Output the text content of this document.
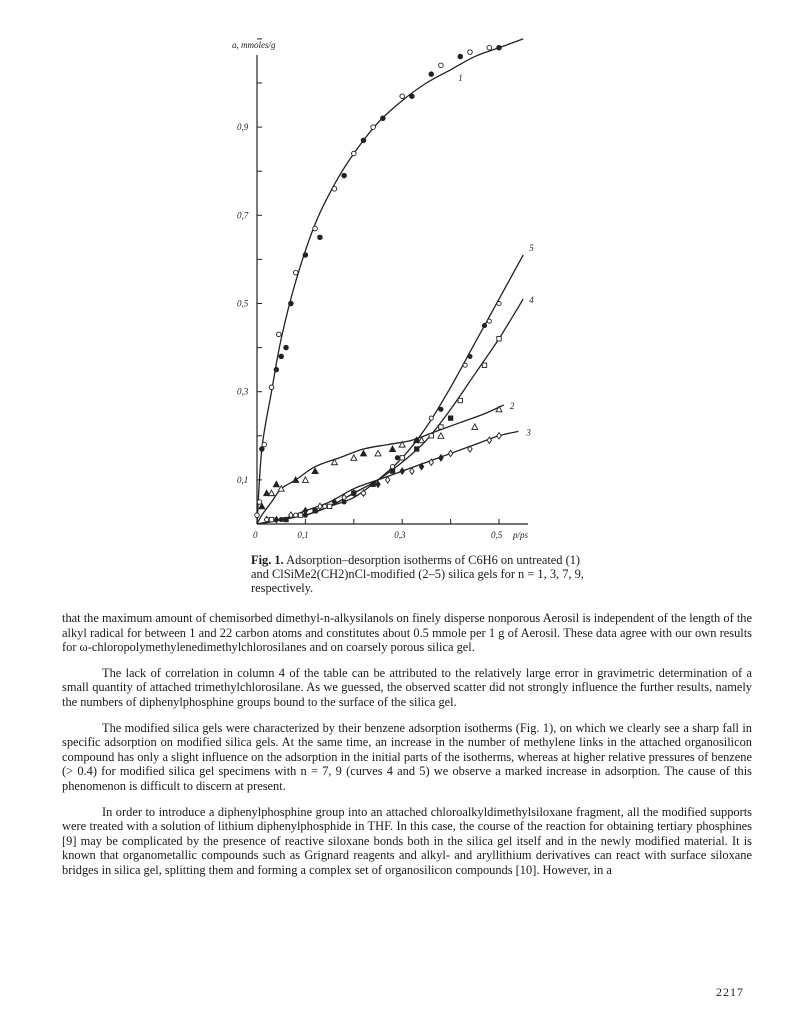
0,1
0,3
0,5
0,7
0,9
0	0,1	0,3	0,5
a, mmoles/g
p/ps
1
2
3
4
5
Fig. 1. Adsorption–desorption isotherms of C6H6 on untreated (1) and ClSiMe2(CH2)nCl-modified (2–5) silica gels for n = 1, 3, 7, 9, respectively.

that the maximum amount of chemisorbed dimethyl-n-alkysilanols on finely disperse nonporous Aerosil is independent of the length of the alkyl radical for between 1 and 22 carbon atoms and constitutes about 0.5 mmole per 1 g of Aerosil. These data agree with our own results for ω-chloropolymethylenedimethylchlorosilanes and on coarsely porous silica gel.

The lack of correlation in column 4 of the table can be attributed to the relatively large error in gravimetric determination of a small quantity of attached trimethylchlorosilane. As we guessed, the observed scatter did not strongly influence the further results, namely the numbers of diphenylphosphine groups bound to the surface of the silica gel.

The modified silica gels were characterized by their benzene adsorption isotherms (Fig. 1), on which we clearly see a sharp fall in specific adsorption on modified silica gels. At the same time, an increase in the number of methylene links in the attached organosilicon compound has only a slight influence on the adsorption in the initial parts of the isotherms, whereas at higher relative pressures of benzene (> 0.4) for modified silica gel specimens with n = 7, 9 (curves 4 and 5) we observe a marked increase in adsorption. The cause of this phenomenon is difficult to discern at present.

In order to introduce a diphenylphosphine group into an attached chloroalkyldimethylsiloxane fragment, all the modified supports were treated with a solution of lithium diphenylphosphide in THF. In this case, the course of the reaction for obtaining tertiary phosphines [9] may be complicated by the presence of reactive siloxane bonds both in the silica gel itself and in the newly modified material. It is known that organometallic compounds such as Grignard reagents and alkyl- and aryllithium derivatives can react with surface siloxane bridges in silica gel, splitting them and forming a complex set of organosilicon compounds [10]. However, in a

2217
